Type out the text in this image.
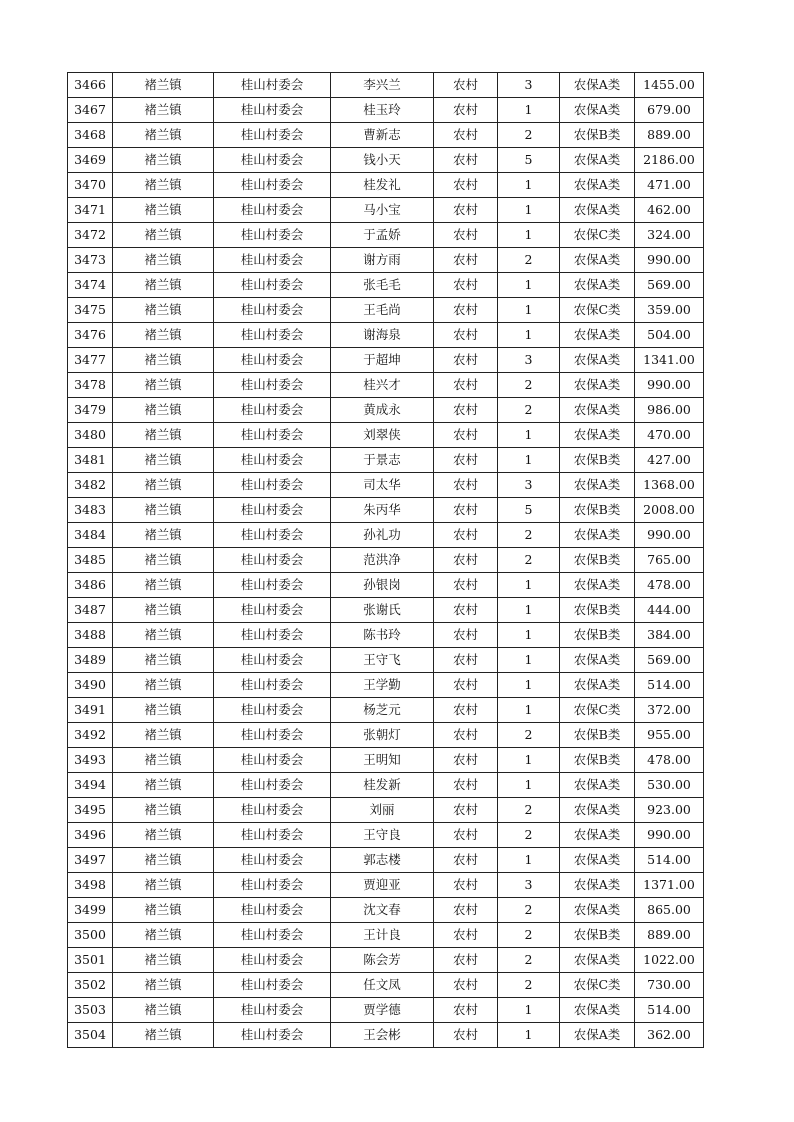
3466	褚兰镇	桂山村委会	李兴兰	农村	3	农保A类	1455.00
3467	褚兰镇	桂山村委会	桂玉玲	农村	1	农保A类	679.00
3468	褚兰镇	桂山村委会	曹新志	农村	2	农保B类	889.00
3469	褚兰镇	桂山村委会	钱小天	农村	5	农保A类	2186.00
3470	褚兰镇	桂山村委会	桂发礼	农村	1	农保A类	471.00
3471	褚兰镇	桂山村委会	马小宝	农村	1	农保A类	462.00
3472	褚兰镇	桂山村委会	于孟娇	农村	1	农保C类	324.00
3473	褚兰镇	桂山村委会	谢方雨	农村	2	农保A类	990.00
3474	褚兰镇	桂山村委会	张毛毛	农村	1	农保A类	569.00
3475	褚兰镇	桂山村委会	王毛尚	农村	1	农保C类	359.00
3476	褚兰镇	桂山村委会	谢海泉	农村	1	农保A类	504.00
3477	褚兰镇	桂山村委会	于超坤	农村	3	农保A类	1341.00
3478	褚兰镇	桂山村委会	桂兴才	农村	2	农保A类	990.00
3479	褚兰镇	桂山村委会	黄成永	农村	2	农保A类	986.00
3480	褚兰镇	桂山村委会	刘翠侠	农村	1	农保A类	470.00
3481	褚兰镇	桂山村委会	于景志	农村	1	农保B类	427.00
3482	褚兰镇	桂山村委会	司太华	农村	3	农保A类	1368.00
3483	褚兰镇	桂山村委会	朱丙华	农村	5	农保B类	2008.00
3484	褚兰镇	桂山村委会	孙礼功	农村	2	农保A类	990.00
3485	褚兰镇	桂山村委会	范洪净	农村	2	农保B类	765.00
3486	褚兰镇	桂山村委会	孙银岗	农村	1	农保A类	478.00
3487	褚兰镇	桂山村委会	张谢氏	农村	1	农保B类	444.00
3488	褚兰镇	桂山村委会	陈书玲	农村	1	农保B类	384.00
3489	褚兰镇	桂山村委会	王守飞	农村	1	农保A类	569.00
3490	褚兰镇	桂山村委会	王学勤	农村	1	农保A类	514.00
3491	褚兰镇	桂山村委会	杨芝元	农村	1	农保C类	372.00
3492	褚兰镇	桂山村委会	张朝灯	农村	2	农保B类	955.00
3493	褚兰镇	桂山村委会	王明知	农村	1	农保B类	478.00
3494	褚兰镇	桂山村委会	桂发新	农村	1	农保A类	530.00
3495	褚兰镇	桂山村委会	刘丽	农村	2	农保A类	923.00
3496	褚兰镇	桂山村委会	王守良	农村	2	农保A类	990.00
3497	褚兰镇	桂山村委会	郭志楼	农村	1	农保A类	514.00
3498	褚兰镇	桂山村委会	贾迎亚	农村	3	农保A类	1371.00
3499	褚兰镇	桂山村委会	沈文春	农村	2	农保A类	865.00
3500	褚兰镇	桂山村委会	王计良	农村	2	农保B类	889.00
3501	褚兰镇	桂山村委会	陈会芳	农村	2	农保A类	1022.00
3502	褚兰镇	桂山村委会	任文凤	农村	2	农保C类	730.00
3503	褚兰镇	桂山村委会	贾学德	农村	1	农保A类	514.00
3504	褚兰镇	桂山村委会	王会彬	农村	1	农保A类	362.00
